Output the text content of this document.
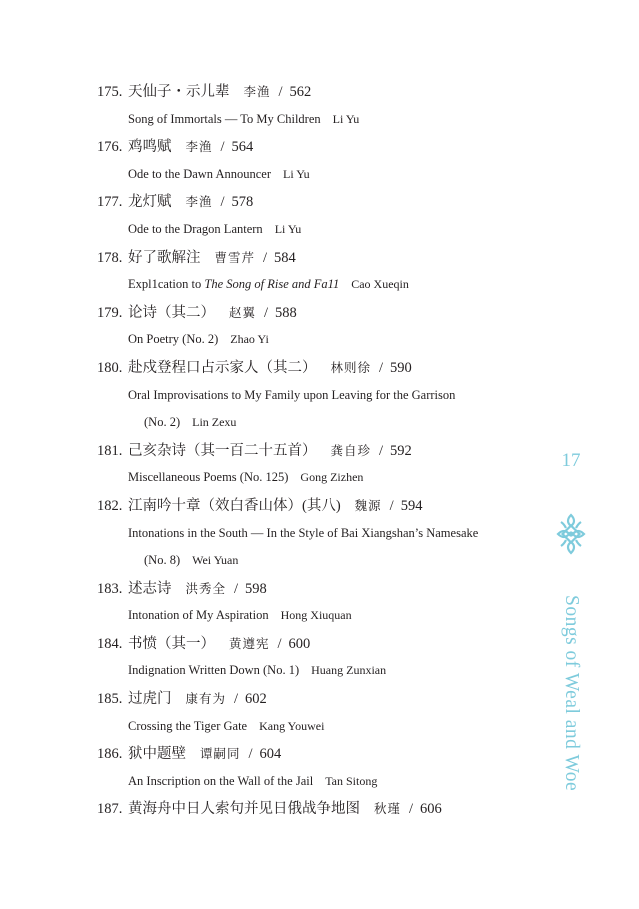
175. 天仙子・示儿辈 李渔 / 562
Song of Immortals — To My Children Li Yu
176. 鸡鸣赋 李渔 / 564
Ode to the Dawn Announcer Li Yu
177. 龙灯赋 李渔 / 578
Ode to the Dragon Lantern Li Yu
178. 好了歌解注 曹雪芹 / 584
Expl1cation to The Song of Rise and Fa11 Cao Xueqin
179. 论诗（其二） 赵翼 / 588
On Poetry (No. 2) Zhao Yi
180. 赴戍登程口占示家人（其二） 林则徐 / 590
Oral Improvisations to My Family upon Leaving for the Garrison
(No. 2) Lin Zexu
181. 己亥杂诗（其一百二十五首） 龚自珍 / 592
Miscellaneous Poems (No. 125) Gong Zizhen
182. 江南吟十章（效白香山体）(其八) 魏源 / 594
Intonations in the South — In the Style of Bai Xiangshan’s Namesake
(No. 8) Wei Yuan
183. 述志诗 洪秀全 / 598
Intonation of My Aspiration Hong Xiuquan
184. 书愤（其一） 黄遵宪 / 600
Indignation Written Down (No. 1) Huang Zunxian
185. 过虎门 康有为 / 602
Crossing the Tiger Gate Kang Youwei
186. 狱中题壁 谭嗣同 / 604
An Inscription on the Wall of the Jail Tan Sitong
187. 黄海舟中日人索句并见日俄战争地图 秋瑾 / 606
17
Songs of Weal and Woe
